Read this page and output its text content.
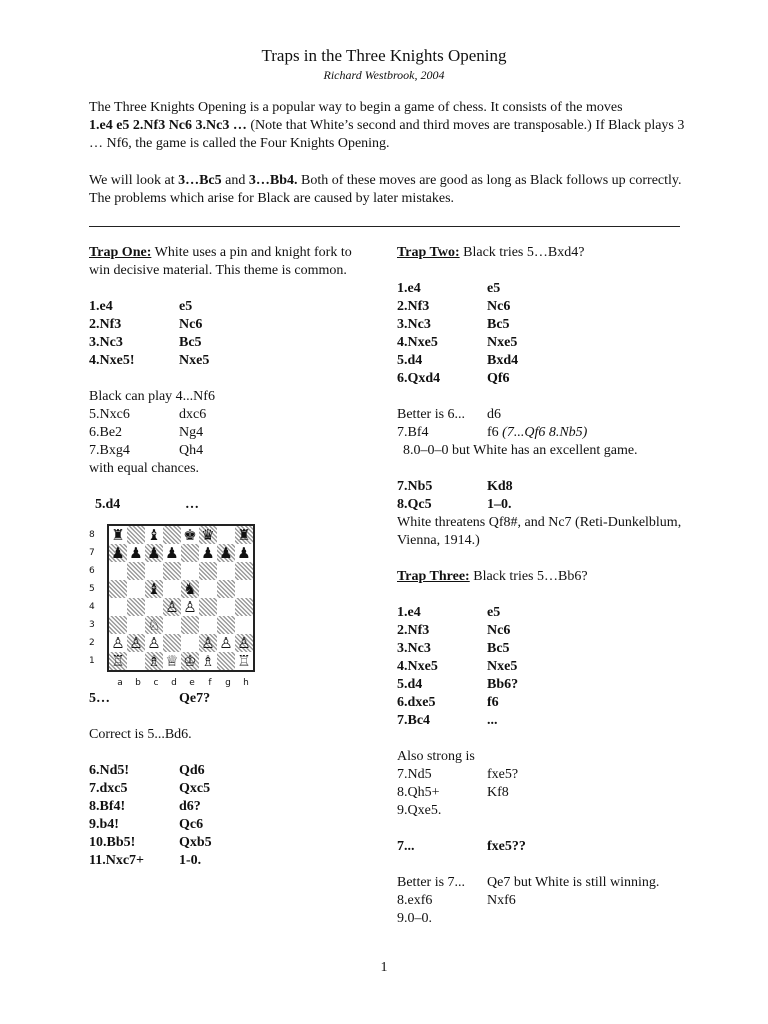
Traps in the Three Knights Opening
Richard Westbrook, 2004

The Three Knights Opening is a popular way to begin a game of chess. It consists of the moves
1.e4 e5 2.Nf3 Nc6 3.Nc3 … (Note that White’s second and third moves are transposable.) If Black plays 3 … Nf6, the game is called the Four Knights Opening.

We will look at 3…Bc5 and 3…Bb4. Both of these moves are good as long as Black follows up correctly. The problems which arise for Black are caused by later mistakes.

Trap One: White uses a pin and knight fork to win decisive material. This theme is common.

1.e4	e5
2.Nf3	Nc6
3.Nc3	Bc5
4.Nxe5!	Nxe5

Black can play 4...Nf6

5.Nxc6	dxc6
6.Be2	Ng4
7.Bxg4	Qh4

with equal chances.

5.d4	…
8
7
6
5
4
3
2
1
♜ ♝ ♚ ♛ ♜
♟ ♟ ♟ ♟ ♟ ♟ ♟
♝ ♞
♙ ♙
♘
♙ ♙ ♙	♙ ♙ ♙
♖ ♗ ♕ ♔ ♗ ♖
a	b	c	d	e	f	g	h
5…	Qe7?

Correct is 5...Bd6.

6.Nd5!	Qd6
7.dxc5	Qxc5
8.Bf4!	d6?
9.b4!	Qc6
10.Bb5!	Qxb5
11.Nxc7+	1-0.

Trap Two: Black tries 5…Bxd4?

1.e4	e5
2.Nf3	Nc6
3.Nc3	Bc5
4.Nxe5	Nxe5
5.d4	Bxd4
6.Qxd4	Qf6
Better is 6...	d6
7.Bf4	f6 (7...Qf6 8.Nb5)

8.0–0–0 but White has an excellent game.

7.Nb5	Kd8
8.Qc5	1–0.

White threatens Qf8#, and Nc7 (Reti-Dunkelblum, Vienna, 1914.)

Trap Three: Black tries 5…Bb6?

1.e4	e5
2.Nf3	Nc6
3.Nc3	Bc5
4.Nxe5	Nxe5
5.d4	Bb6?
6.dxe5	f6
7.Bc4	...

Also strong is

7.Nd5	fxe5?
8.Qh5+	Kf8

9.Qxe5.

7...	fxe5??
Better is 7...	Qe7 but White is still winning.
8.exf6	Nxf6

9.0–0.

1
